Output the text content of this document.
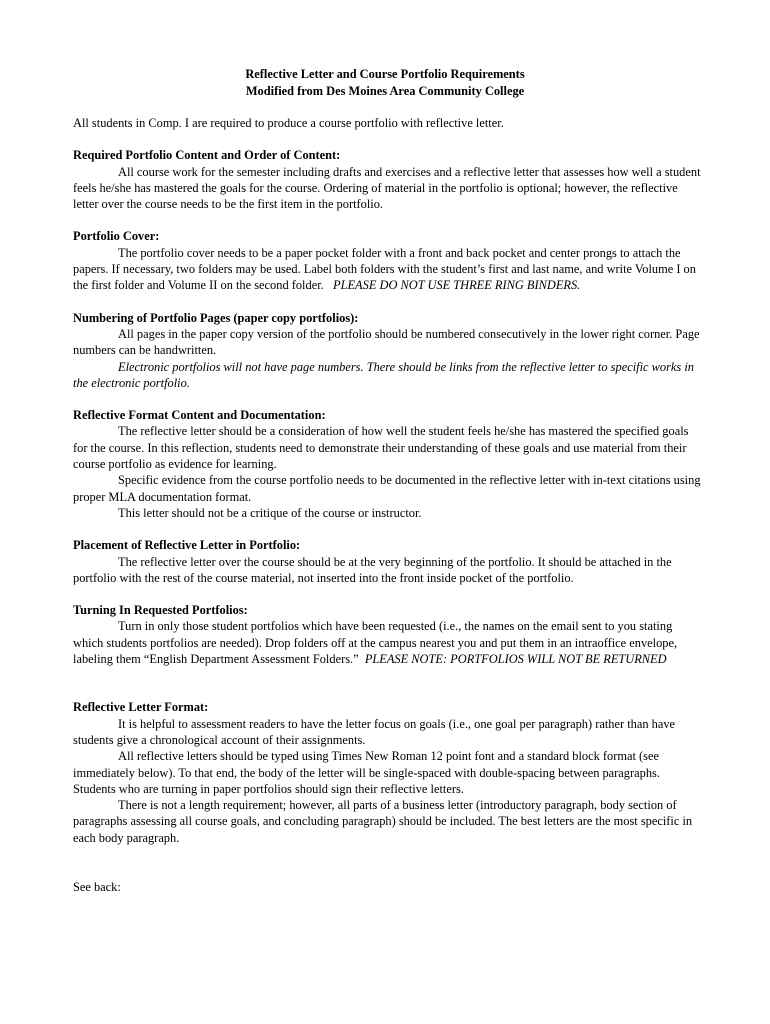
Reflective Letter and Course Portfolio Requirements
Modified from Des Moines Area Community College
All students in Comp. I are required to produce a course portfolio with reflective letter.
Required Portfolio Content and Order of Content:

All course work for the semester including drafts and exercises and a reflective letter that assesses how well a student feels he/she has mastered the goals for the course. Ordering of material in the portfolio is optional; however, the reflective letter over the course needs to be the first item in the portfolio.

Portfolio Cover:

The portfolio cover needs to be a paper pocket folder with a front and back pocket and center prongs to attach the papers. If necessary, two folders may be used. Label both folders with the student’s first and last name, and write Volume I on the first folder and Volume II on the second folder. PLEASE DO NOT USE THREE RING BINDERS.

Numbering of Portfolio Pages (paper copy portfolios):

All pages in the paper copy version of the portfolio should be numbered consecutively in the lower right corner. Page numbers can be handwritten.

Electronic portfolios will not have page numbers. There should be links from the reflective letter to specific works in the electronic portfolio.

Reflective Format Content and Documentation:

The reflective letter should be a consideration of how well the student feels he/she has mastered the specified goals for the course. In this reflection, students need to demonstrate their understanding of these goals and use material from their course portfolio as evidence for learning.

Specific evidence from the course portfolio needs to be documented in the reflective letter with in-text citations using proper MLA documentation format.

This letter should not be a critique of the course or instructor.

Placement of Reflective Letter in Portfolio:

The reflective letter over the course should be at the very beginning of the portfolio. It should be attached in the portfolio with the rest of the course material, not inserted into the front inside pocket of the portfolio.

Turning In Requested Portfolios:

Turn in only those student portfolios which have been requested (i.e., the names on the email sent to you stating which students portfolios are needed). Drop folders off at the campus nearest you and put them in an intraoffice envelope, labeling them “English Department Assessment Folders.” PLEASE NOTE: PORTFOLIOS WILL NOT BE RETURNED

Reflective Letter Format:

It is helpful to assessment readers to have the letter focus on goals (i.e., one goal per paragraph) rather than have students give a chronological account of their assignments.

All reflective letters should be typed using Times New Roman 12 point font and a standard block format (see immediately below). To that end, the body of the letter will be single-spaced with double-spacing between paragraphs. Students who are turning in paper portfolios should sign their reflective letters.

There is not a length requirement; however, all parts of a business letter (introductory paragraph, body section of paragraphs assessing all course goals, and concluding paragraph) should be included. The best letters are the most specific in each body paragraph.

See back:
